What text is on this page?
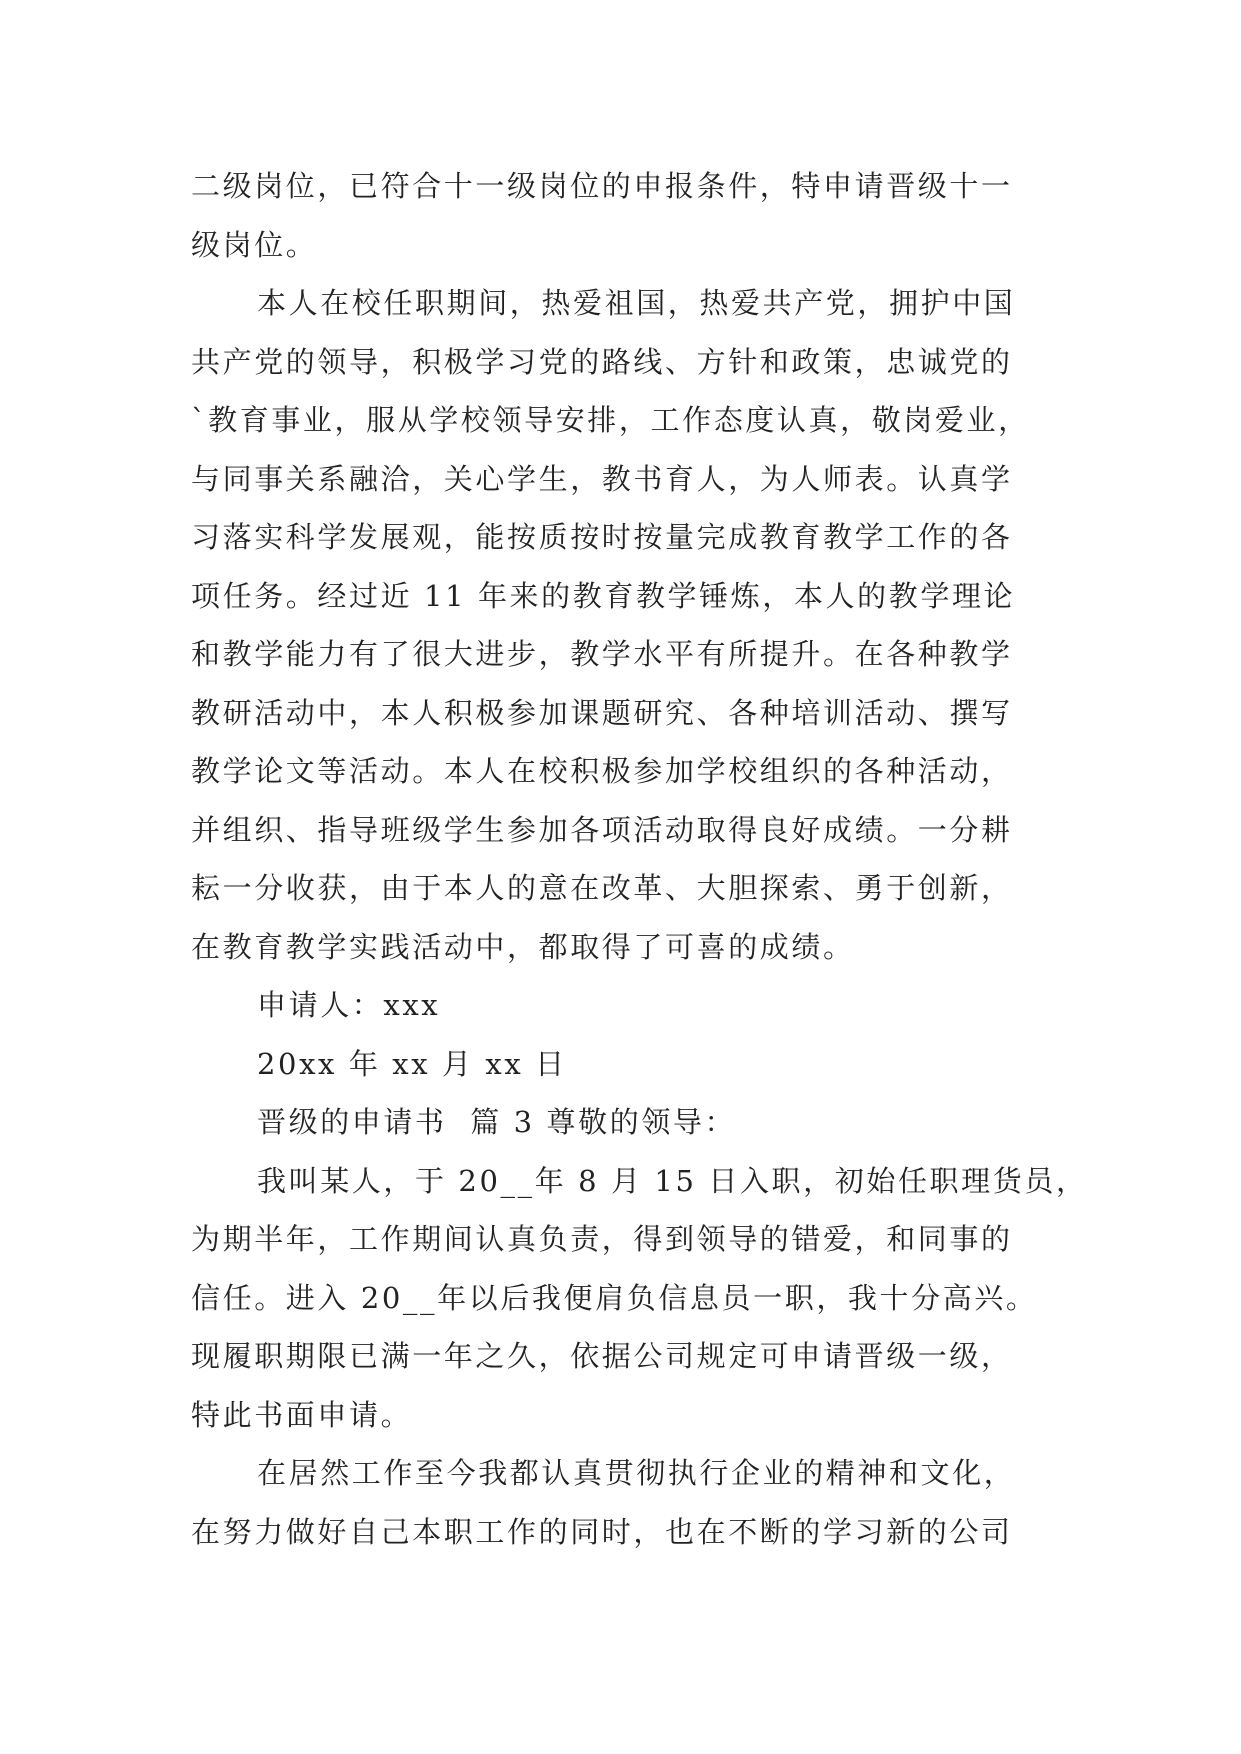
二级岗位，已符合十一级岗位的申报条件，特申请晋级十一
级岗位。
本人在校任职期间，热爱祖国，热爱共产党，拥护中国
共产党的领导，积极学习党的路线、方针和政策，忠诚党的
`教育事业，服从学校领导安排，工作态度认真，敬岗爱业，
与同事关系融洽，关心学生，教书育人，为人师表。认真学
习落实科学发展观，能按质按时按量完成教育教学工作的各
项任务。经过近 11 年来的教育教学锤炼，本人的教学理论
和教学能力有了很大进步，教学水平有所提升。在各种教学
教研活动中，本人积极参加课题研究、各种培训活动、撰写
教学论文等活动。本人在校积极参加学校组织的各种活动，
并组织、指导班级学生参加各项活动取得良好成绩。一分耕
耘一分收获，由于本人的意在改革、大胆探索、勇于创新，
在教育教学实践活动中，都取得了可喜的成绩。
申请人：xxx
20xx 年 xx 月 xx 日
晋级的申请书  篇 3 尊敬的领导：
我叫某人，于 20__年 8 月 15 日入职，初始任职理货员，
为期半年，工作期间认真负责，得到领导的错爱，和同事的
信任。进入 20__年以后我便肩负信息员一职，我十分高兴。
现履职期限已满一年之久，依据公司规定可申请晋级一级，
特此书面申请。
在居然工作至今我都认真贯彻执行企业的精神和文化，
在努力做好自己本职工作的同时，也在不断的学习新的公司
